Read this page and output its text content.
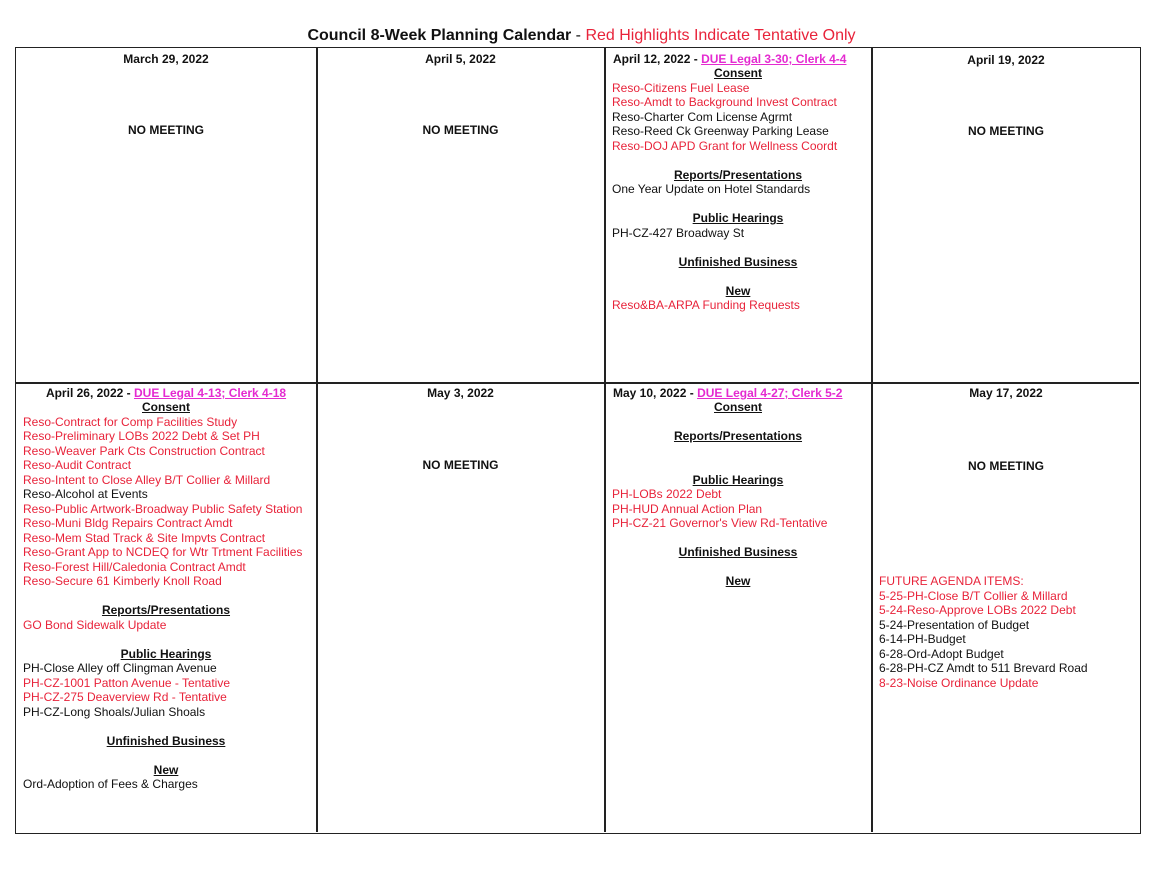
Council 8-Week Planning Calendar - Red Highlights Indicate Tentative Only
March 29, 2022
NO MEETING
April 5, 2022
NO MEETING
April 12, 2022 - DUE Legal 3-30; Clerk 4-4
Consent
Reso-Citizens Fuel Lease
Reso-Amdt to Background Invest Contract
Reso-Charter Com License Agrmt
Reso-Reed Ck Greenway Parking Lease
Reso-DOJ APD Grant for Wellness Coordt
Reports/Presentations
One Year Update on Hotel Standards
Public Hearings
PH-CZ-427 Broadway St
Unfinished Business
New
Reso&BA-ARPA Funding Requests
April 19, 2022
NO MEETING
April 26, 2022 - DUE Legal 4-13; Clerk 4-18
Consent
Reso-Contract for Comp Facilities Study
Reso-Preliminary LOBs 2022 Debt & Set PH
Reso-Weaver Park Cts Construction Contract
Reso-Audit Contract
Reso-Intent to Close Alley B/T Collier & Millard
Reso-Alcohol at Events
Reso-Public Artwork-Broadway Public Safety Station
Reso-Muni Bldg Repairs Contract Amdt
Reso-Mem Stad Track & Site Impvts Contract
Reso-Grant App to NCDEQ for Wtr Trtment Facilities
Reso-Forest Hill/Caledonia Contract Amdt
Reso-Secure 61 Kimberly Knoll Road
Reports/Presentations
GO Bond Sidewalk Update
Public Hearings
PH-Close Alley off Clingman Avenue
PH-CZ-1001 Patton Avenue - Tentative
PH-CZ-275 Deaverview Rd - Tentative
PH-CZ-Long Shoals/Julian Shoals
Unfinished Business
New
Ord-Adoption of Fees & Charges
May 3, 2022
NO MEETING
May 10, 2022 - DUE Legal 4-27; Clerk 5-2
Consent
Reports/Presentations
Public Hearings
PH-LOBs 2022 Debt
PH-HUD Annual Action Plan
PH-CZ-21 Governor's View Rd-Tentative
Unfinished Business
New
May 17, 2022
NO MEETING
FUTURE AGENDA ITEMS:
5-25-PH-Close B/T Collier & Millard
5-24-Reso-Approve LOBs 2022 Debt
5-24-Presentation of Budget
6-14-PH-Budget
6-28-Ord-Adopt Budget
6-28-PH-CZ Amdt to 511 Brevard Road
8-23-Noise Ordinance Update
